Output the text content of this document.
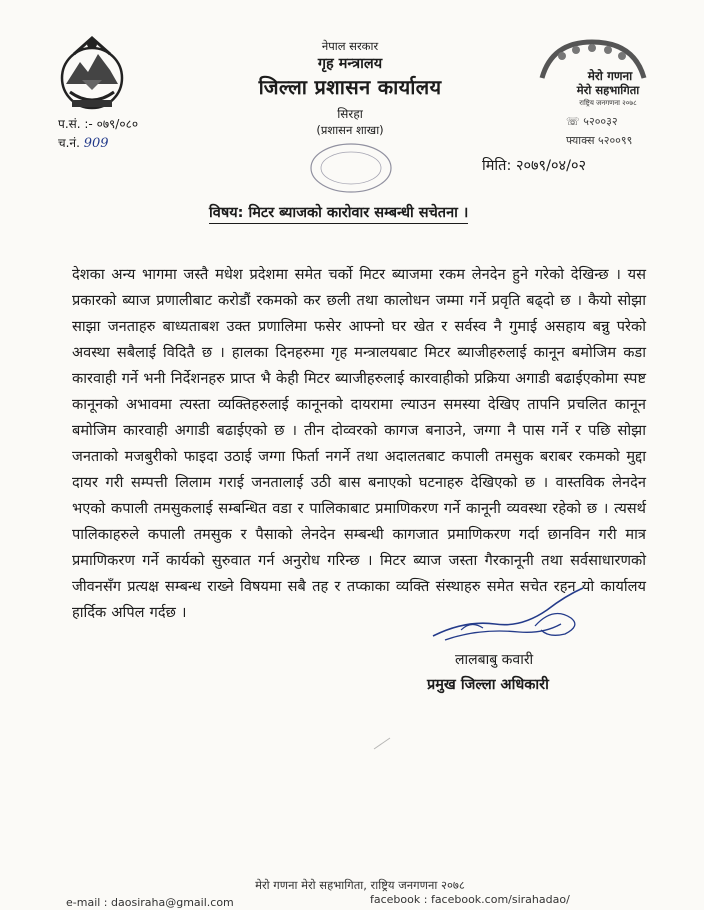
नेपाल सरकार
गृह मन्त्रालय
जिल्ला प्रशासन कार्यालय
सिरहा
(प्रशासन शाखा)
मेरो गणना
मेरो सहभागिता
राष्ट्रिय जनगणना २०७८
प.सं. :- ०७९/०८०
च.नं. 909
☏ ५२००३२
फ्याक्स ५२००९९
मिति: २०७९/०४/०२
विषय: मिटर ब्याजको कारोवार सम्बन्धी सचेतना ।
देशका अन्य भागमा जस्तै मधेश प्रदेशमा समेत चर्को मिटर ब्याजमा रकम लेनदेन हुने गरेको देखिन्छ । यस प्रकारको ब्याज प्रणालीबाट करोडौं रकमको कर छली तथा कालोधन जम्मा गर्ने प्रवृति बढ्दो छ । कैयो सोझा साझा जनताहरु बाध्यताबश उक्त प्रणालिमा फसेर आफ्नो घर खेत र सर्वस्व नै गुमाई असहाय बन्नु परेको अवस्था सबैलाई विदितै छ । हालका दिनहरुमा गृह मन्त्रालयबाट मिटर ब्याजीहरुलाई कानून बमोजिम कडा कारवाही गर्ने भनी निर्देशनहरु प्राप्त भै केही मिटर ब्याजीहरुलाई कारवाहीको प्रक्रिया अगाडी बढाईएकोमा स्पष्ट कानूनको अभावमा त्यस्ता व्यक्तिहरुलाई कानूनको दायरामा ल्याउन समस्या देखिए तापनि प्रचलित कानून बमोजिम कारवाही अगाडी बढाईएको छ । तीन दोव्वरको कागज बनाउने, जग्गा नै पास गर्ने र पछि सोझा जनताको मजबुरीको फाइदा उठाई जग्गा फिर्ता नगर्ने तथा अदालतबाट कपाली तमसुक बराबर रकमको मुद्दा दायर गरी सम्पत्ती लिलाम गराई जनतालाई उठी बास बनाएको घटनाहरु देखिएको छ । वास्तविक लेनदेन भएको कपाली तमसुकलाई सम्बन्धित वडा र पालिकाबाट प्रमाणिकरण गर्ने कानूनी व्यवस्था रहेको छ । त्यसर्थ पालिकाहरुले कपाली तमसुक र पैसाको लेनदेन सम्बन्धी कागजात प्रमाणिकरण गर्दा छानविन गरी मात्र प्रमाणिकरण गर्ने कार्यको सुरुवात गर्न अनुरोध गरिन्छ । मिटर ब्याज जस्ता गैरकानूनी तथा सर्वसाधारणको जीवनसँग प्रत्यक्ष सम्बन्ध राख्ने विषयमा सबै तह र तप्काका व्यक्ति संस्थाहरु समेत सचेत रहन यो कार्यालय हार्दिक अपिल गर्दछ ।
लालबाबु कवारी
प्रमुख जिल्ला अधिकारी
मेरो गणना मेरो सहभागिता, राष्ट्रिय जनगणना २०७८
e-mail : daosiraha@gmail.com	facebook : facebook.com/sirahadao/
